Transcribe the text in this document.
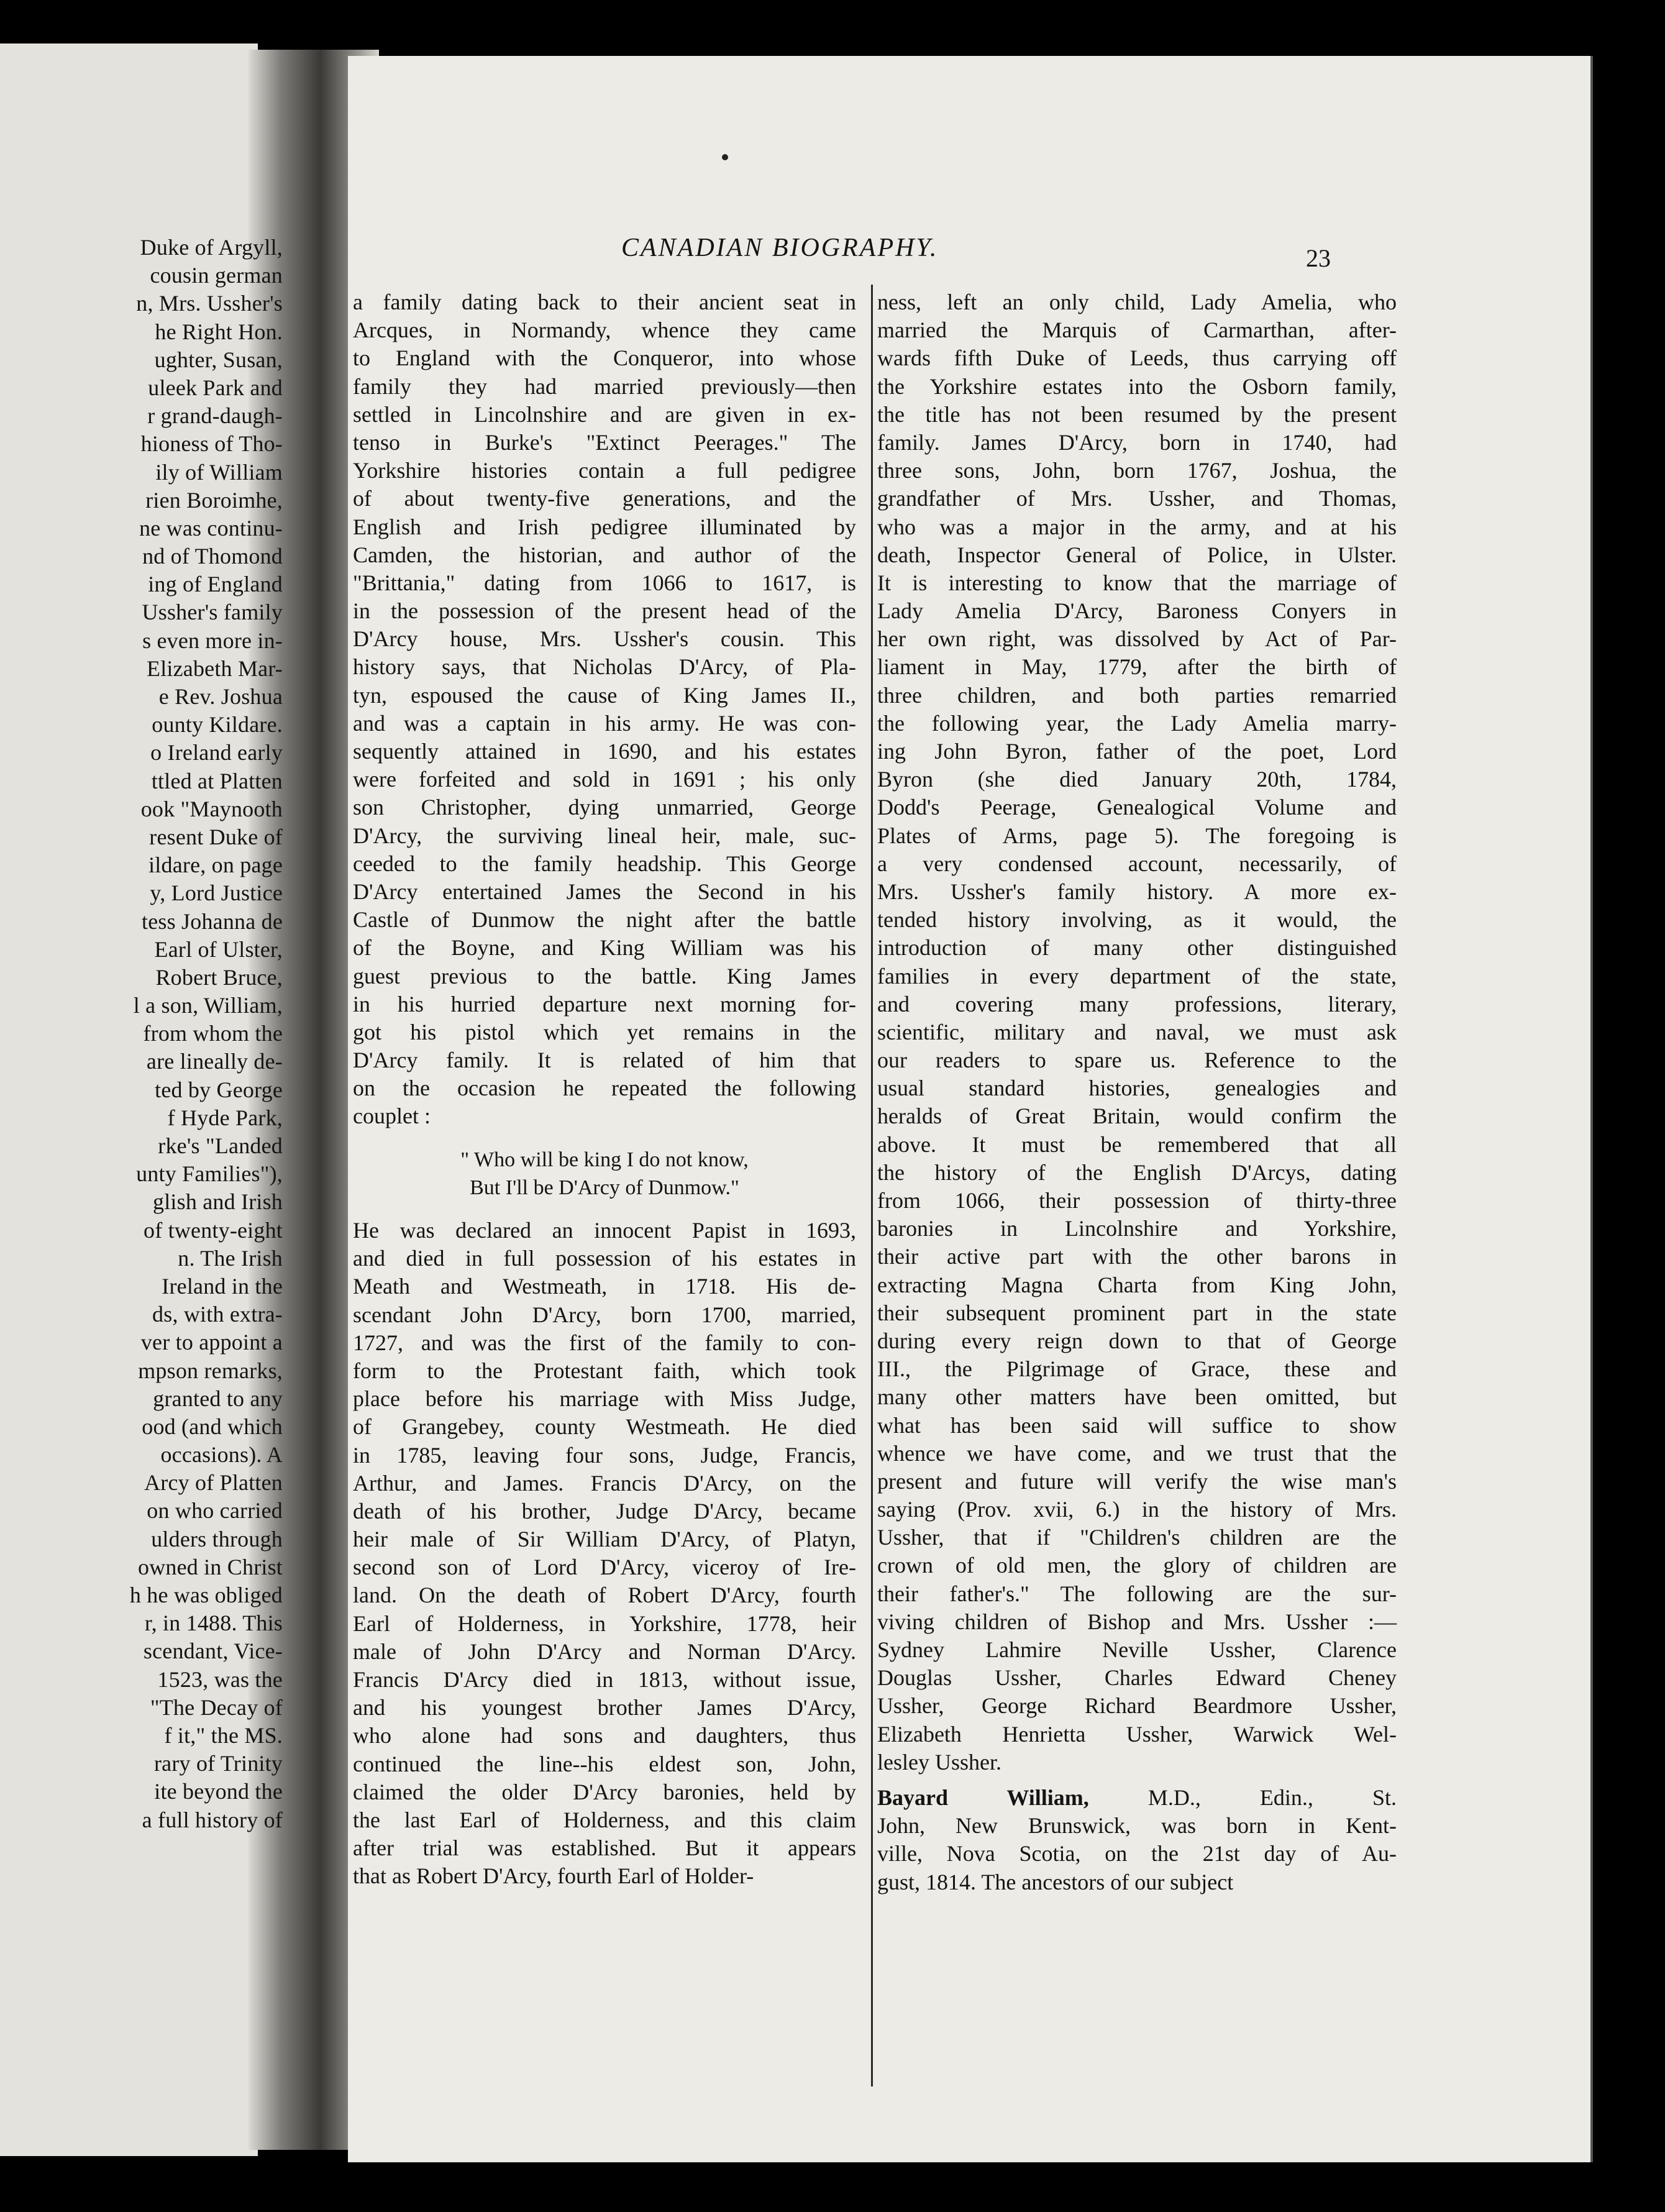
Duke of Argyll,
cousin german
n, Mrs. Ussher's
he Right Hon.
ughter, Susan,
uleek Park and
r grand-daugh-
hioness of Tho-
ily of William
rien Boroimhe,
ne was continu-
nd of Thomond
ing of England
Ussher's family
s even more in-
Elizabeth Mar-
e Rev. Joshua
ounty Kildare.
o Ireland early
ttled at Platten
ook "Maynooth
resent Duke of
ildare, on page
y, Lord Justice
tess Johanna de
Earl of Ulster,
Robert Bruce,
l a son, William,
from whom the
are lineally de-
ted by George
f Hyde Park,
rke's "Landed
unty Families"),
glish and Irish
of twenty-eight
n. The Irish
Ireland in the
ds, with extra-
ver to appoint a
mpson remarks,
granted to any
ood (and which
occasions). A
Arcy of Platten
on who carried
ulders through
owned in Christ
h he was obliged
r, in 1488. This
scendant, Vice-
1523, was the
"The Decay of
f it," the MS.
rary of Trinity
ite beyond the
a full history of
CANADIAN BIOGRAPHY.	23
a family dating back to their ancient seat in
Arcques, in Normandy, whence they came
to England with the Conqueror, into whose
family they had married previously—then
settled in Lincolnshire and are given in ex-
tenso in Burke's "Extinct Peerages." The
Yorkshire histories contain a full pedigree
of about twenty-five generations, and the
English and Irish pedigree illuminated by
Camden, the historian, and author of the
"Brittania," dating from 1066 to 1617, is
in the possession of the present head of the
D'Arcy house, Mrs. Ussher's cousin. This
history says, that Nicholas D'Arcy, of Pla-
tyn, espoused the cause of King James II.,
and was a captain in his army. He was con-
sequently attained in 1690, and his estates
were forfeited and sold in 1691 ; his only
son Christopher, dying unmarried, George
D'Arcy, the surviving lineal heir, male, suc-
ceeded to the family headship. This George
D'Arcy entertained James the Second in his
Castle of Dunmow the night after the battle
of the Boyne, and King William was his
guest previous to the battle. King James
in his hurried departure next morning for-
got his pistol which yet remains in the
D'Arcy family. It is related of him that
on the occasion he repeated the following
couplet :
" Who will be king I do not know,
But I'll be D'Arcy of Dunmow."
He was declared an innocent Papist in 1693,
and died in full possession of his estates in
Meath and Westmeath, in 1718. His de-
scendant John D'Arcy, born 1700, married,
1727, and was the first of the family to con-
form to the Protestant faith, which took
place before his marriage with Miss Judge,
of Grangebey, county Westmeath. He died
in 1785, leaving four sons, Judge, Francis,
Arthur, and James. Francis D'Arcy, on the
death of his brother, Judge D'Arcy, became
heir male of Sir William D'Arcy, of Platyn,
second son of Lord D'Arcy, viceroy of Ire-
land. On the death of Robert D'Arcy, fourth
Earl of Holderness, in Yorkshire, 1778, heir
male of John D'Arcy and Norman D'Arcy.
Francis D'Arcy died in 1813, without issue,
and his youngest brother James D'Arcy,
who alone had sons and daughters, thus
continued the line--his eldest son, John,
claimed the older D'Arcy baronies, held by
the last Earl of Holderness, and this claim
after trial was established. But it appears
that as Robert D'Arcy, fourth Earl of Holder-
ness, left an only child, Lady Amelia, who
married the Marquis of Carmarthan, after-
wards fifth Duke of Leeds, thus carrying off
the Yorkshire estates into the Osborn family,
the title has not been resumed by the present
family. James D'Arcy, born in 1740, had
three sons, John, born 1767, Joshua, the
grandfather of Mrs. Ussher, and Thomas,
who was a major in the army, and at his
death, Inspector General of Police, in Ulster.
It is interesting to know that the marriage of
Lady Amelia D'Arcy, Baroness Conyers in
her own right, was dissolved by Act of Par-
liament in May, 1779, after the birth of
three children, and both parties remarried
the following year, the Lady Amelia marry-
ing John Byron, father of the poet, Lord
Byron (she died January 20th, 1784,
Dodd's Peerage, Genealogical Volume and
Plates of Arms, page 5). The foregoing is
a very condensed account, necessarily, of
Mrs. Ussher's family history. A more ex-
tended history involving, as it would, the
introduction of many other distinguished
families in every department of the state,
and covering many professions, literary,
scientific, military and naval, we must ask
our readers to spare us. Reference to the
usual standard histories, genealogies and
heralds of Great Britain, would confirm the
above. It must be remembered that all
the history of the English D'Arcys, dating
from 1066, their possession of thirty-three
baronies in Lincolnshire and Yorkshire,
their active part with the other barons in
extracting Magna Charta from King John,
their subsequent prominent part in the state
during every reign down to that of George
III., the Pilgrimage of Grace, these and
many other matters have been omitted, but
what has been said will suffice to show
whence we have come, and we trust that the
present and future will verify the wise man's
saying (Prov. xvii, 6.) in the history of Mrs.
Ussher, that if "Children's children are the
crown of old men, the glory of children are
their father's." The following are the sur-
viving children of Bishop and Mrs. Ussher :—
Sydney Lahmire Neville Ussher, Clarence
Douglas Ussher, Charles Edward Cheney
Ussher, George Richard Beardmore Ussher,
Elizabeth Henrietta Ussher, Warwick Wel-
lesley Ussher.
Bayard William, M.D., Edin., St.
John, New Brunswick, was born in Kent-
ville, Nova Scotia, on the 21st day of Au-
gust, 1814. The ancestors of our subject
